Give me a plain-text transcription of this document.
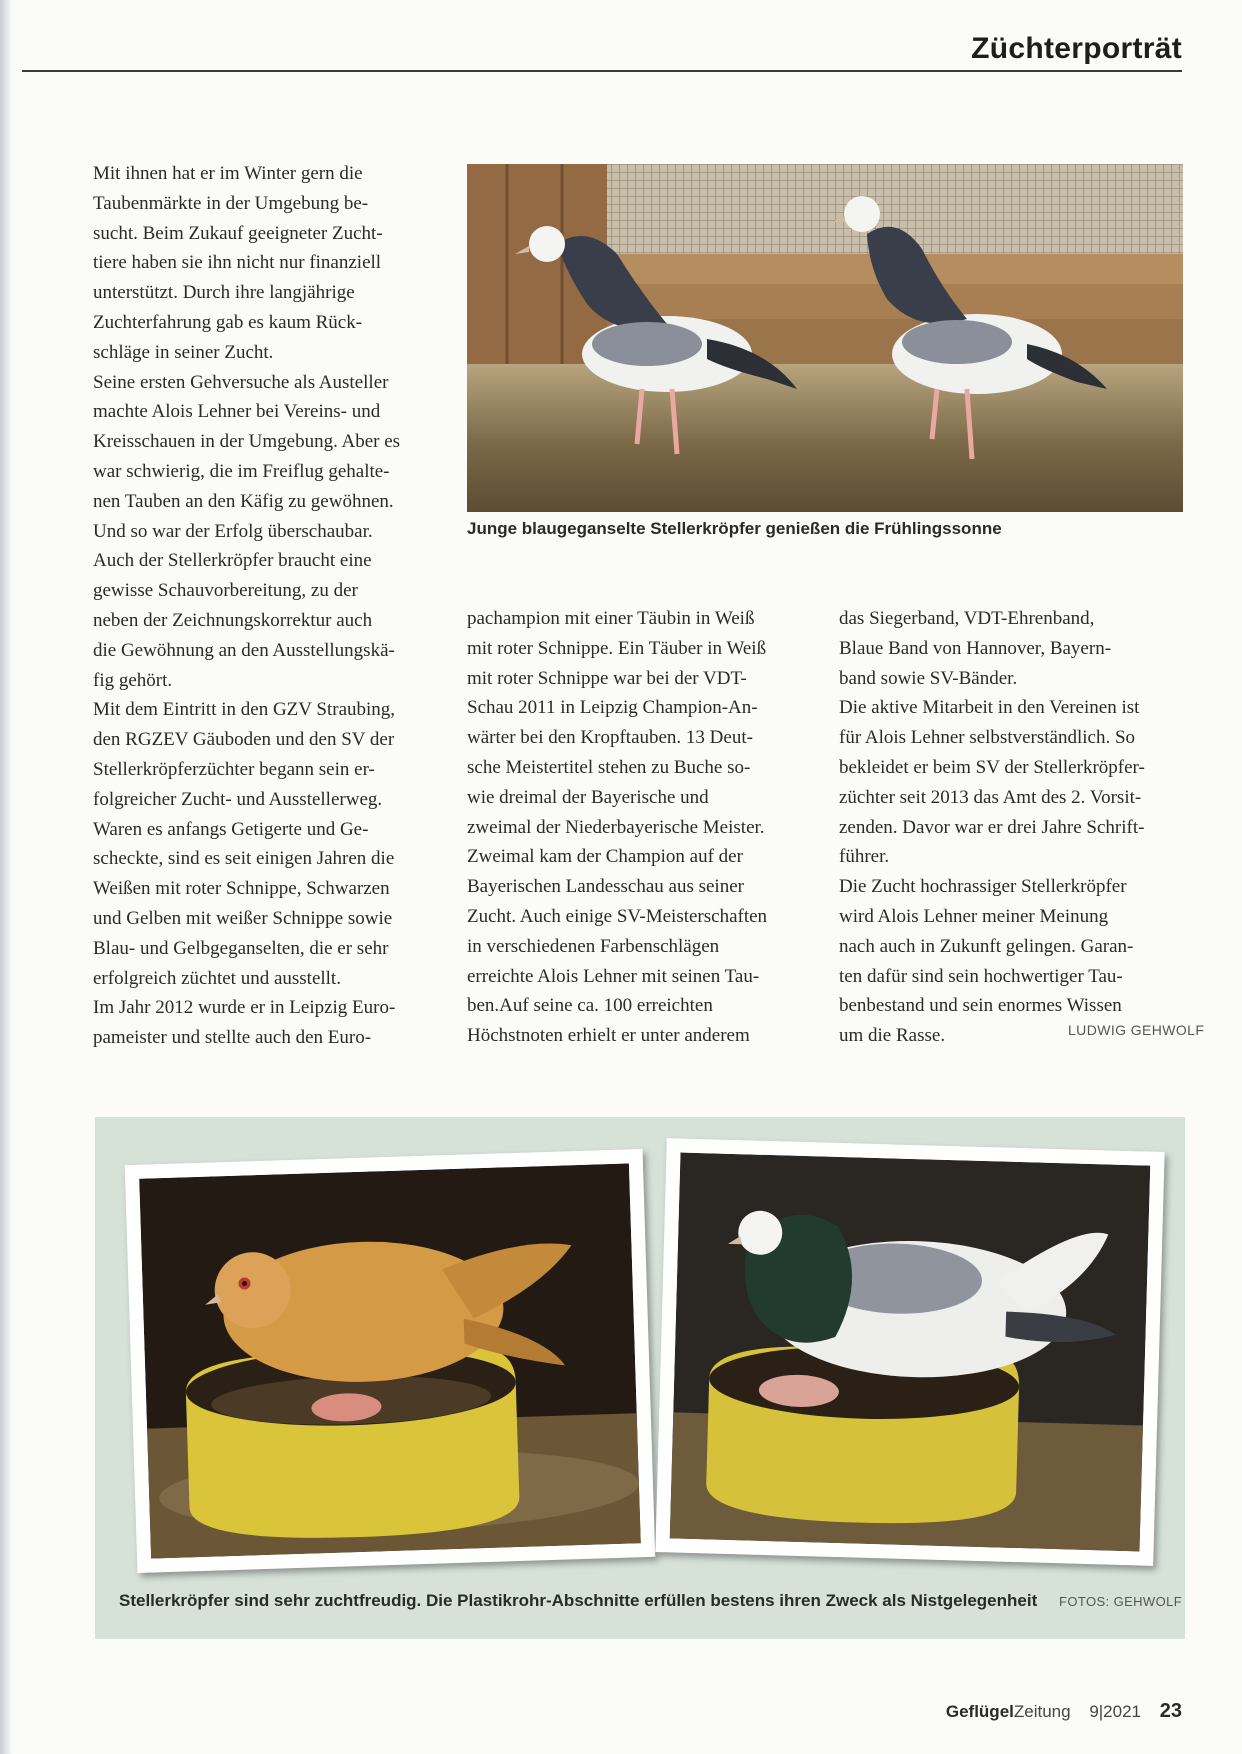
Züchterporträt
Junge blaugeganselte Stellerkröpfer genießen die Frühlingssonne

Mit ihnen hat er im Winter gern die

Taubenmärkte in der Umgebung be-

sucht. Beim Zukauf geeigneter Zucht-

tiere haben sie ihn nicht nur finanziell

unterstützt. Durch ihre langjährige

Zuchterfahrung gab es kaum Rück-

schläge in seiner Zucht.

Seine ersten Gehversuche als Austeller

machte Alois Lehner bei Vereins- und

Kreisschauen in der Umgebung. Aber es

war schwierig, die im Freiflug gehalte-

nen Tauben an den Käfig zu gewöhnen.

Und so war der Erfolg überschaubar.

Auch der Stellerkröpfer braucht eine

gewisse Schauvorbereitung, zu der

neben der Zeichnungskorrektur auch

die Gewöhnung an den Ausstellungskä-

fig gehört.

Mit dem Eintritt in den GZV Straubing,

den RGZEV Gäuboden und den SV der

Stellerkröpferzüchter begann sein er-

folgreicher Zucht- und Ausstellerweg.

Waren es anfangs Getigerte und Ge-

scheckte, sind es seit einigen Jahren die

Weißen mit roter Schnippe, Schwarzen

und Gelben mit weißer Schnippe sowie

Blau- und Gelbgeganselten, die er sehr

erfolgreich züchtet und ausstellt.

Im Jahr 2012 wurde er in Leipzig Euro-

pameister und stellte auch den Euro-

pachampion mit einer Täubin in Weiß

mit roter Schnippe. Ein Täuber in Weiß

mit roter Schnippe war bei der VDT-

Schau 2011 in Leipzig Champion-An-

wärter bei den Kropftauben. 13 Deut-

sche Meistertitel stehen zu Buche so-

wie dreimal der Bayerische und

zweimal der Niederbayerische Meister.

Zweimal kam der Champion auf der

Bayerischen Landesschau aus seiner

Zucht. Auch einige SV-Meisterschaften

in verschiedenen Farbenschlägen

erreichte Alois Lehner mit seinen Tau-

ben.Auf seine ca. 100 erreichten

Höchstnoten erhielt er unter anderem

das Siegerband, VDT-Ehrenband,

Blaue Band von Hannover, Bayern-

band sowie SV-Bänder.

Die aktive Mitarbeit in den Vereinen ist

für Alois Lehner selbstverständlich. So

bekleidet er beim SV der Stellerkröpfer-

züchter seit 2013 das Amt des 2. Vorsit-

zenden. Davor war er drei Jahre Schrift-

führer.

Die Zucht hochrassiger Stellerkröpfer

wird Alois Lehner meiner Meinung

nach auch in Zukunft gelingen. Garan-

ten dafür sind sein hochwertiger Tau-

benbestand und sein enormes Wissen

um die Rasse.	LUDWIG GEHWOLF
Stellerkröpfer sind sehr zuchtfreudig. Die Plastikrohr-Abschnitte erfüllen bestens ihren Zweck als Nistgelegenheit FOTOS: GEHWOLF
GeflügelZeitung 9|2021 23
